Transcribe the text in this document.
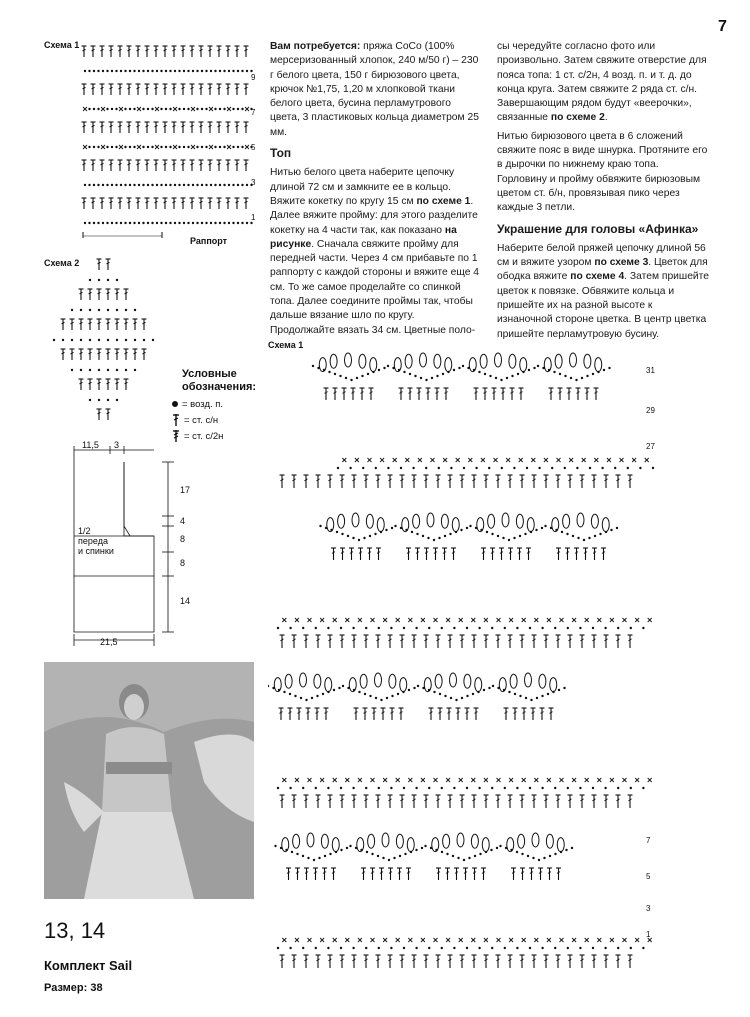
7
Схема 1
9
7
5
3
1
Раппорт
Схема 2
Условные
обозначения:
= возд. п.
= ст. с/н
= ст. с/2н
11,5 3
17
4
8
8
14
21,5
1/2
переда
и спинки
13, 14
Комплект Sail
Размер: 38

Вам потребуется: пряжа CoCo (100% мерсеризованный хлопок, 240 м/50 г) – 230 г белого цвета, 150 г бирюзового цвета, крючок №1,75, 1,20 м хлопковой ткани белого цвета, бусина перламутрового цвета, 3 пластиковых кольца диаметром 25 мм.

Топ

Нитью белого цвета наберите цепочку длиной 72 см и замкните ее в кольцо. Вяжите кокетку по кругу 15 см по схеме 1. Далее вяжите пройму: для этого разделите кокетку на 4 части так, как показано на рисунке. Сначала свяжите пройму для передней части. Через 4 см прибавьте по 1 раппорту с каждой стороны и вяжите еще 4 см. То же самое проделайте со спинкой топа. Далее соедините проймы так, чтобы дальше вязание шло по кругу. Продолжайте вязать 34 см. Цветные поло-

сы чередуйте согласно фото или произвольно. Затем свяжите отверстие для пояса топа: 1 ст. с/2н, 4 возд. п. и т. д. до конца круга. Затем свяжите 2 ряда ст. с/н. Завершающим рядом будут «веерочки», связанные по схеме 2.

Нитью бирюзового цвета в 6 сложений свяжите пояс в виде шнурка. Протяните его в дырочки по нижнему краю топа. Горловину и пройму обвяжите бирюзовым цветом ст. б/н, провязывая пико через каждые 3 петли.

Украшение для головы «Афинка»

Наберите белой пряжей цепочку длиной 56 см и вяжите узором по схеме 3. Цветок для ободка вяжите по схеме 4. Затем пришейте цветок к повязке. Обвяжите кольца и пришейте их на разной высоте к изнаночной стороне цветка. В центр цветка пришейте перламутровую бусину.

Схема 1
31
29
27
7
5
3
1
